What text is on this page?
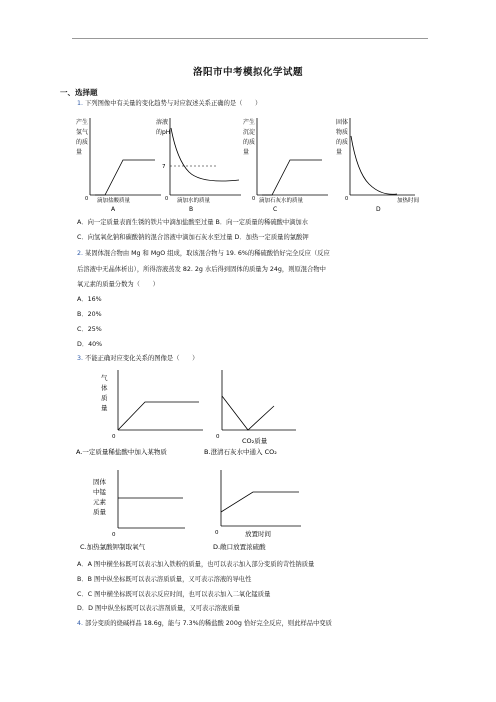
洛阳市中考模拟化学试题
一、选择题
1. 下列图像中有关量的变化趋势与对应叙述关系正确的是（　　）
产生
氢气
的质
量
0 滴加盐酸质量
A
溶液
的pH
7
0 滴加水的质量
B
产生
沉淀
的质
量
0 滴加石灰水的质量
C
固体
物质
的质
量
0	加热时间
D
A．向一定质量表面生锈的铁片中滴加盐酸至过量 B．向一定质量的稀硫酸中滴加水
C．向氢氧化钠和碳酸钠的混合溶液中滴加石灰水至过量 D．加热一定质量的氯酸钾
2. 某固体混合物由 Mg 和 MgO 组成，取该混合物与 19. 6%的稀硫酸恰好完全反应（反应
后溶液中无晶体析出），所得溶液蒸发 82. 2g 水后得到固体的质量为 24g，则原混合物中
氧元素的质量分数为（　　）
A．16%
B．20%
C．25%
D．40%
3. 不能正确对应变化关系的图像是（　　）
气
体
质
量
0
A.一定质量稀盐酸中加入某物质
0	CO₂质量
B.澄清石灰水中通入 CO₂
固体
中锰
元素
质量
0
C.加热氯酸钾制取氧气
0	放置时间
D.敞口放置浓硫酸
A．A 图中横坐标既可以表示加入铁粉的质量，也可以表示加入部分变质的苛性钠质量
B．B 图中纵坐标既可以表示溶质质量，又可表示溶液的导电性
C．C 图中横坐标既可以表示反应时间，也可以表示加入二氧化锰质量
D．D 图中纵坐标既可以表示溶剂质量，又可表示溶液质量
4. 部分变质的烧碱样品 18.6g，能与 7.3%的稀盐酸 200g 恰好完全反应，则此样品中变质
